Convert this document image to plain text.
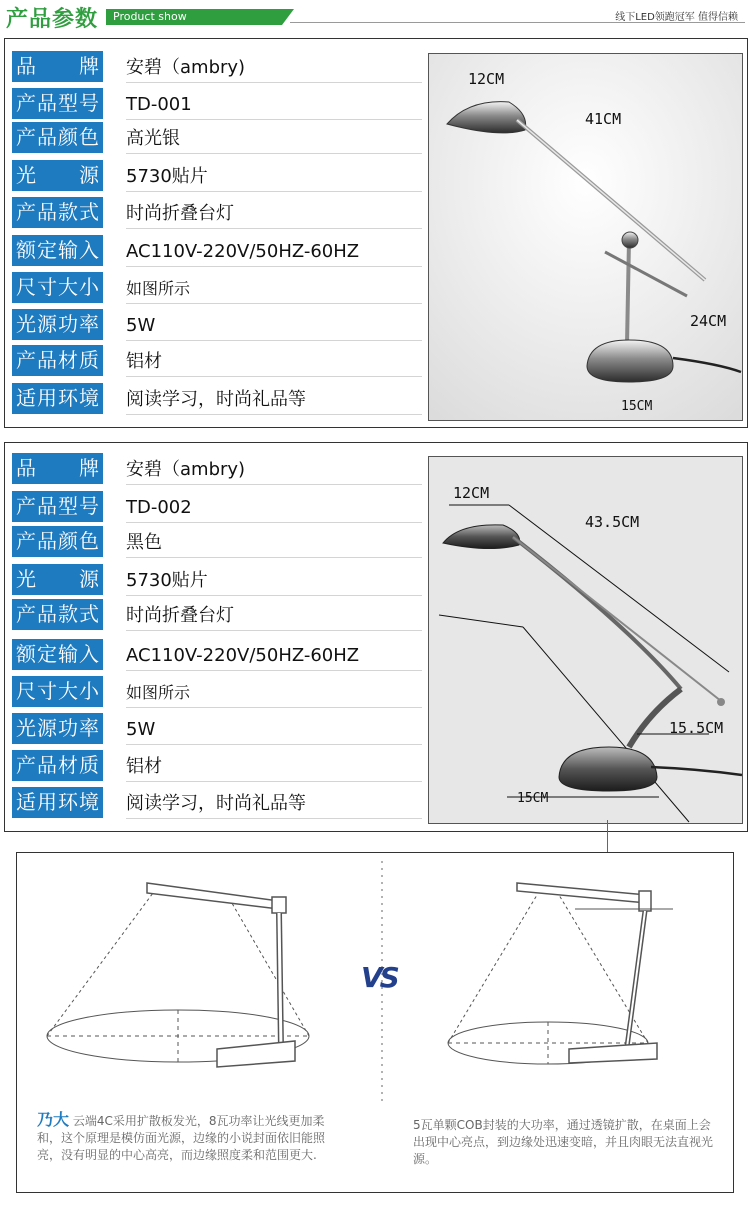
产品参数 Product show	线下LED领跑冠军 值得信赖
品 牌 安碧（ambry)
产品型号 TD-001
产品颜色 高光银
光 源 5730贴片
产品款式 时尚折叠台灯
额定输入 AC110V-220V/50HZ-60HZ
尺寸大小 如图所示
光源功率 5W
产品材质 铝材
适用环境 阅读学习，时尚礼品等
12CM
41CM
24CM
15CM
品 牌 安碧（ambry)
产品型号 TD-002
产品颜色 黑色
光 源 5730贴片
产品款式 时尚折叠台灯
额定输入 AC110V-220V/50HZ-60HZ
尺寸大小 如图所示
光源功率 5W
产品材质 铝材
适用环境 阅读学习，时尚礼品等
12CM
43.5CM
15.5CM
15CM
VS
乃大 云端4C采用扩散板发光，8瓦功率让光线更加柔和，这个原理是模仿面光源，边缘的小说封面依旧能照亮，没有明显的中心高亮，而边缘照度柔和范围更大.
5瓦单颗COB封装的大功率，通过透镜扩散，在桌面上会出现中心亮点，到边缘处迅速变暗，并且肉眼无法直视光源。
